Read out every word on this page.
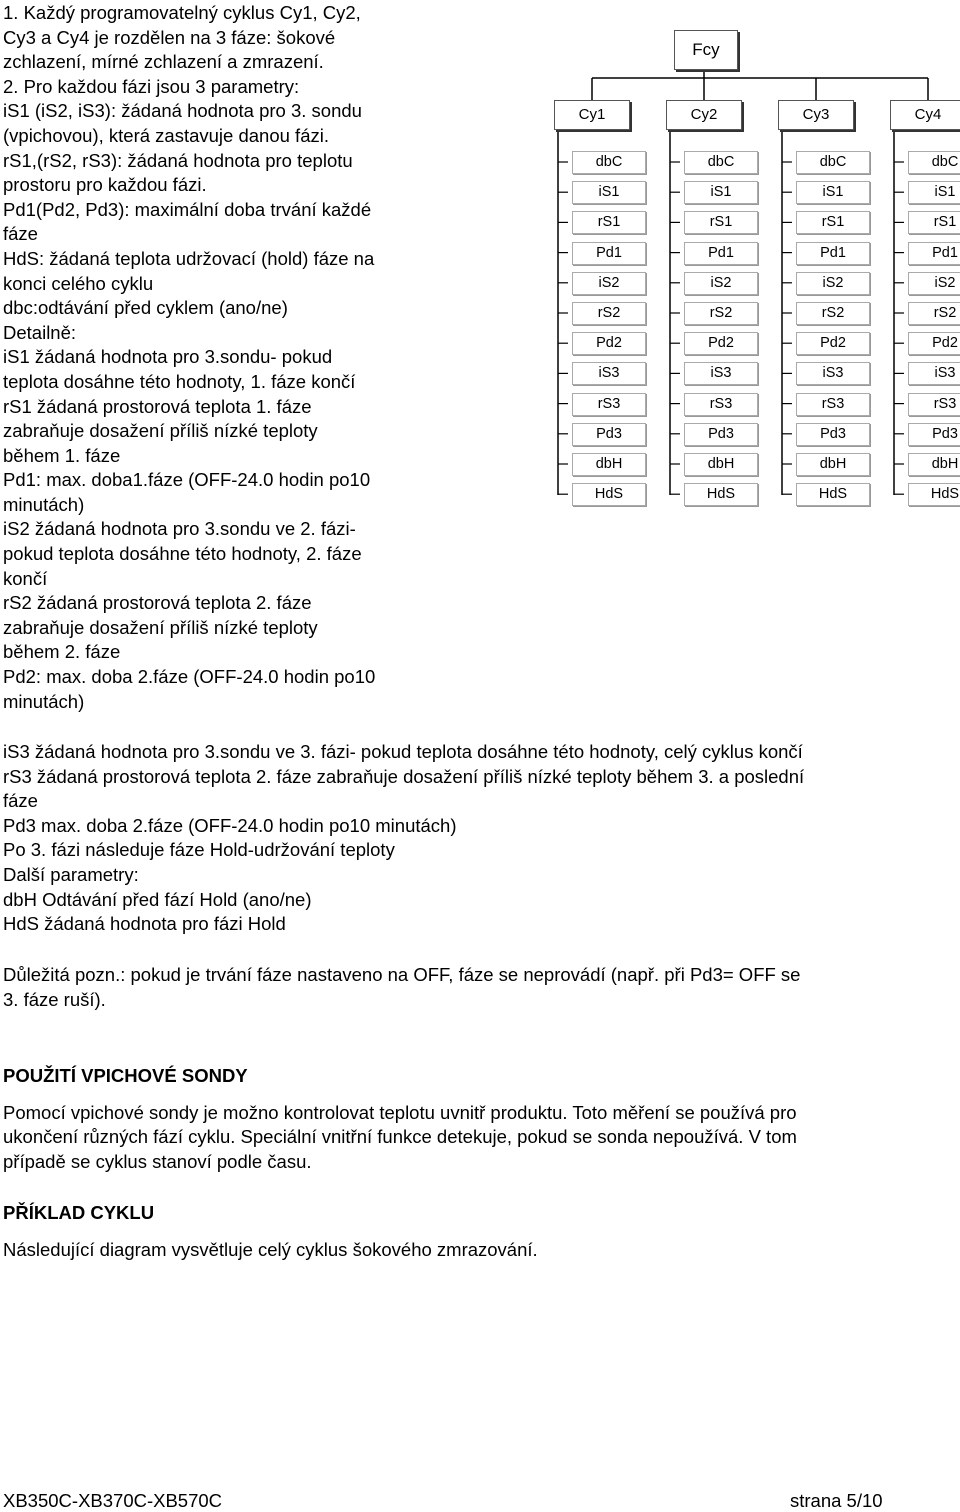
1. Každý programovatelný cyklus Cy1, Cy2,
Cy3 a Cy4 je rozdělen na 3 fáze: šokové
zchlazení, mírné zchlazení a zmrazení.
2. Pro každou fázi jsou 3 parametry:
iS1 (iS2, iS3): žádaná hodnota pro 3. sondu
(vpichovou), která zastavuje danou fázi.
rS1,(rS2, rS3): žádaná hodnota pro teplotu
prostoru pro každou fázi.
Pd1(Pd2, Pd3): maximální doba trvání každé
fáze
HdS: žádaná teplota udržovací (hold) fáze na
konci celého cyklu
dbc:odtávání před cyklem (ano/ne)
Detailně:
iS1 žádaná hodnota pro 3.sondu- pokud
teplota dosáhne této hodnoty, 1. fáze končí
rS1 žádaná prostorová teplota 1. fáze
zabraňuje dosažení příliš nízké teploty
během 1. fáze
Pd1: max. doba1.fáze (OFF-24.0 hodin po10
minutách)
iS2 žádaná hodnota pro 3.sondu ve 2. fázi-
pokud teplota dosáhne této hodnoty, 2. fáze
končí
rS2 žádaná prostorová teplota 2. fáze
zabraňuje dosažení příliš nízké teploty
během 2. fáze
Pd2: max. doba 2.fáze (OFF-24.0 hodin po10
minutách)
Fcy
Cy1	Cy2	Cy3	Cy4
dbC	dbC	dbC	dbC
iS1	iS1	iS1	iS1
rS1	rS1	rS1	rS1
Pd1	Pd1	Pd1	Pd1
iS2	iS2	iS2	iS2
rS2	rS2	rS2	rS2
Pd2	Pd2	Pd2	Pd2
iS3	iS3	iS3	iS3
rS3	rS3	rS3	rS3
Pd3	Pd3	Pd3	Pd3
dbH	dbH	dbH	dbH
HdS	HdS	HdS	HdS
iS3 žádaná hodnota pro 3.sondu ve 3. fázi- pokud teplota dosáhne této hodnoty, celý cyklus končí
rS3 žádaná prostorová teplota 2. fáze zabraňuje dosažení příliš nízké teploty během 3. a poslední
fáze
Pd3 max. doba 2.fáze (OFF-24.0 hodin po10 minutách)
Po 3. fázi následuje fáze Hold-udržování teploty
Další parametry:
dbH Odtávání před fází Hold (ano/ne)
HdS žádaná hodnota pro fázi Hold
Důležitá pozn.: pokud je trvání fáze nastaveno na OFF, fáze se neprovádí (např. při Pd3= OFF se
3. fáze ruší).
POUŽITÍ VPICHOVÉ SONDY
Pomocí vpichové sondy je možno kontrolovat teplotu uvnitř produktu. Toto měření se používá pro
ukončení různých fází cyklu. Speciální vnitřní funkce detekuje, pokud se sonda nepoužívá. V tom
případě se cyklus stanoví podle času.
PŘÍKLAD CYKLU
Následující diagram vysvětluje celý cyklus šokového zmrazování.
XB350C-XB370C-XB570C	strana 5/10
